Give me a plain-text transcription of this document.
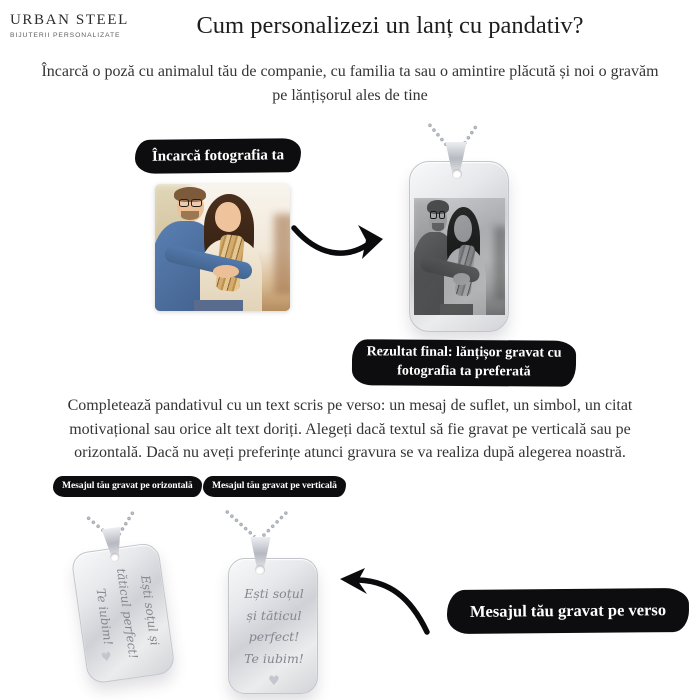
URBAN STEEL
BIJUTERII PERSONALIZATE	Cum personalizezi un lanț cu pandativ?

Încarcă o poză cu animalul tău de companie, cu familia ta sau o amintire plăcută și noi o gravăm pe lănțișorul ales de tine

Încarcă fotografia ta
Rezultat final: lănțișor gravat cu fotografia ta preferată

Completează pandativul cu un text scris pe verso: un mesaj de suflet, un simbol, un citat motivațional sau orice alt text doriți. Alegeți dacă textul să fie gravat pe verticală sau pe orizontală. Dacă nu aveți preferințe atunci gravura se va realiza după alegerea noastră.

Mesajul tău gravat pe orizontală	Mesajul tău gravat pe verticală
Ești soțul și
tăticul perfect!
Te iubim!
♥
Ești soțul
și tăticul
perfect!
Te iubim!
♥
Mesajul tău gravat pe verso
